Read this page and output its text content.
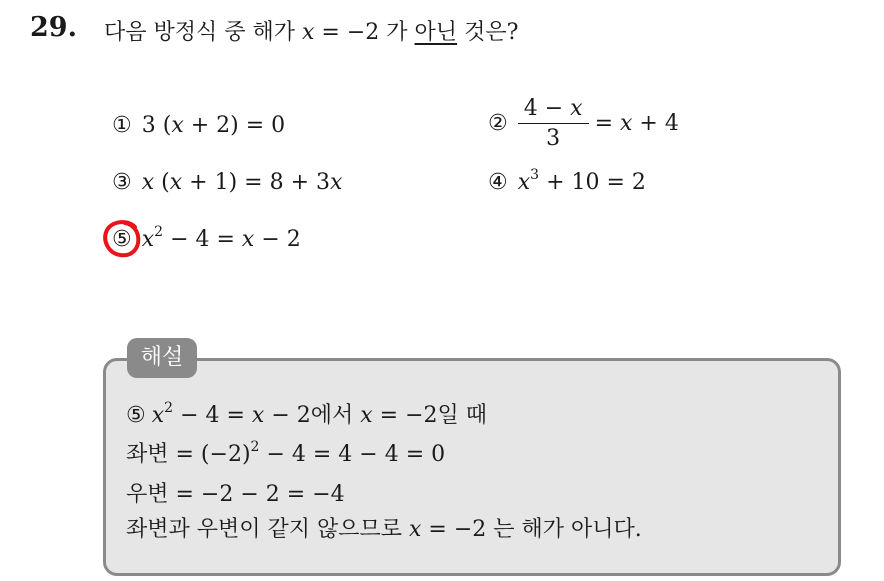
29. 다음 방정식 중 해가 x = −2 가 아닌 것은?
① 3 (x + 2) = 0	② $\frac{4 - x}{3} = x + 4$
③ x (x + 1) = 8 + 3x	④ $x^3 + 10 = 2$
⑤ $x^2 - 4 = x - 2$
해설
⑤ $x^2 - 4 = x - 2$에서 x = −2일 때
좌변 = $(-2)^2 - 4 = 4 - 4 = 0$
우변 = −2 − 2 = −4
좌변과 우변이 같지 않으므로 x = −2 는 해가 아니다.
